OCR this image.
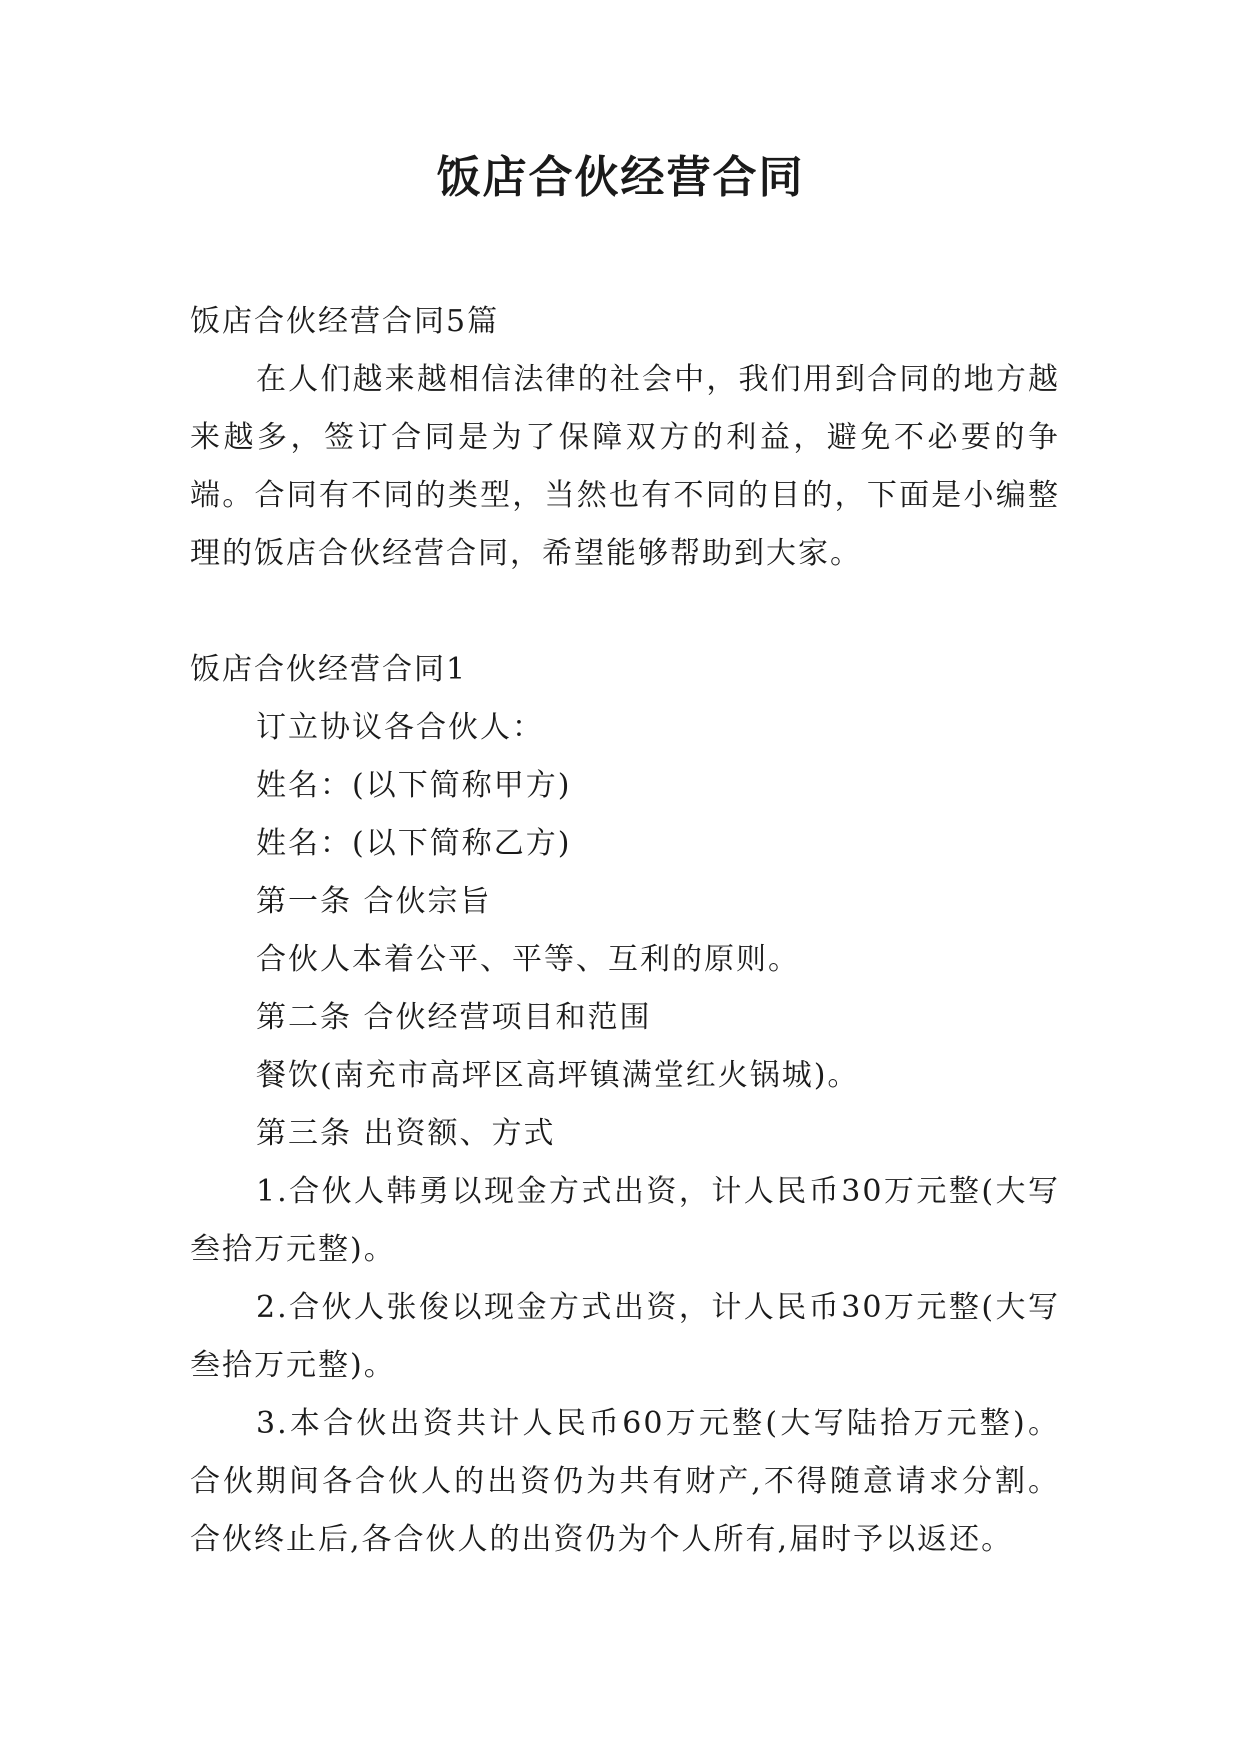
饭店合伙经营合同

饭店合伙经营合同5篇

在人们越来越相信法律的社会中，我们用到合同的地方越来越多，签订合同是为了保障双方的利益，避免不必要的争端。合同有不同的类型，当然也有不同的目的，下面是小编整理的饭店合伙经营合同，希望能够帮助到大家。

饭店合伙经营合同1

订立协议各合伙人：

姓名：(以下简称甲方)

姓名：(以下简称乙方)

第一条 合伙宗旨

合伙人本着公平、平等、互利的原则。

第二条 合伙经营项目和范围

餐饮(南充市高坪区高坪镇满堂红火锅城)。

第三条 出资额、方式

1.合伙人韩勇以现金方式出资，计人民币30万元整(大写叁拾万元整)。

2.合伙人张俊以现金方式出资，计人民币30万元整(大写叁拾万元整)。

3.本合伙出资共计人民币60万元整(大写陆拾万元整)。合伙期间各合伙人的出资仍为共有财产,不得随意请求分割。合伙终止后,各合伙人的出资仍为个人所有,届时予以返还。
